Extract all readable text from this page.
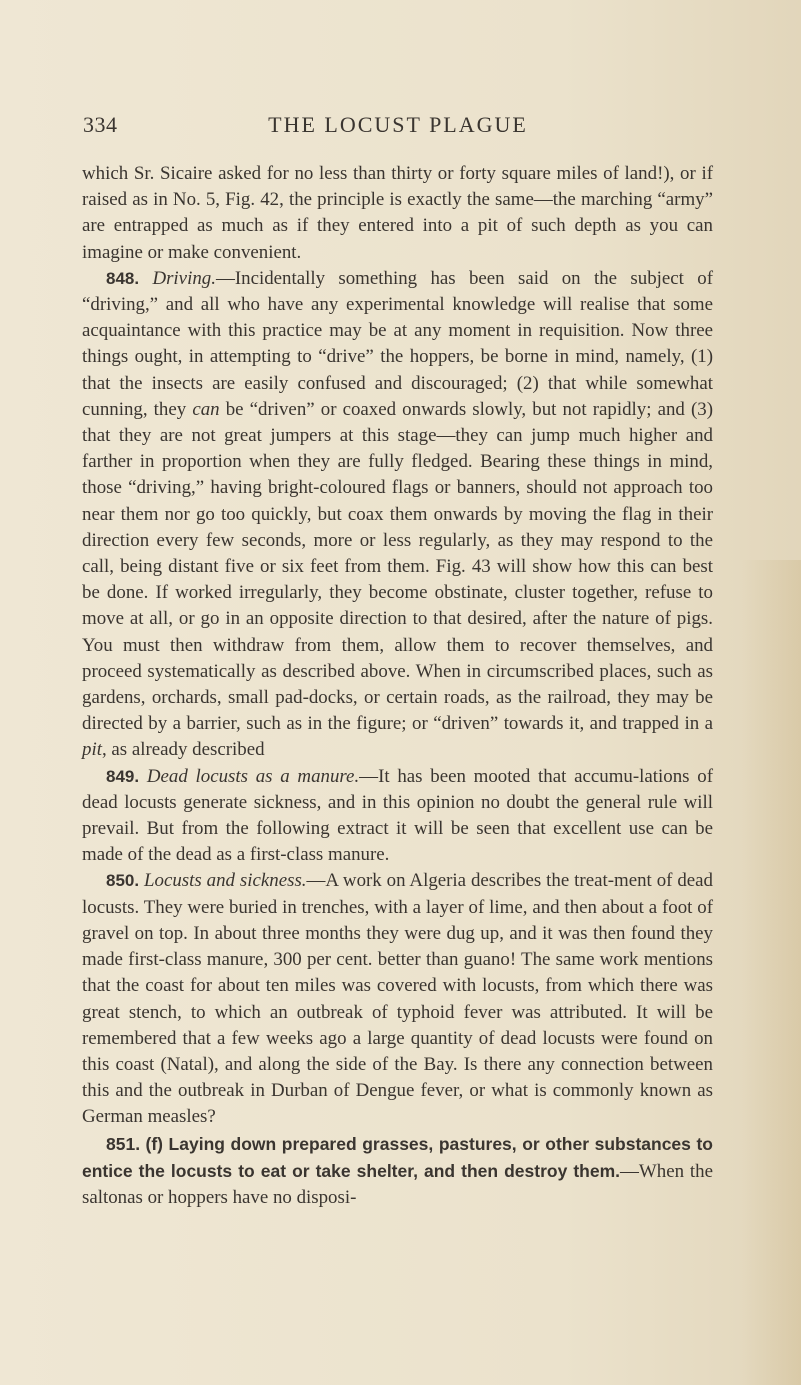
334	THE LOCUST PLAGUE

which Sr. Sicaire asked for no less than thirty or forty square miles of land!), or if raised as in No. 5, Fig. 42, the principle is exactly the same—the marching “army” are entrapped as much as if they entered into a pit of such depth as you can imagine or make convenient.

848. Driving.—Incidentally something has been said on the subject of “driving,” and all who have any experimental knowledge will realise that some acquaintance with this practice may be at any moment in requisition. Now three things ought, in attempting to “drive” the hoppers, be borne in mind, namely, (1) that the insects are easily confused and discouraged; (2) that while somewhat cunning, they can be “driven” or coaxed onwards slowly, but not rapidly; and (3) that they are not great jumpers at this stage—they can jump much higher and farther in proportion when they are fully fledged. Bearing these things in mind, those “driving,” having bright-coloured flags or banners, should not approach too near them nor go too quickly, but coax them onwards by moving the flag in their direction every few seconds, more or less regularly, as they may respond to the call, being distant five or six feet from them. Fig. 43 will show how this can best be done. If worked irregularly, they become obstinate, cluster together, refuse to move at all, or go in an opposite direction to that desired, after the nature of pigs. You must then withdraw from them, allow them to recover themselves, and proceed systematically as described above. When in circumscribed places, such as gardens, orchards, small pad-docks, or certain roads, as the railroad, they may be directed by a barrier, such as in the figure; or “driven” towards it, and trapped in a pit, as already described

849. Dead locusts as a manure.—It has been mooted that accumu-lations of dead locusts generate sickness, and in this opinion no doubt the general rule will prevail. But from the following extract it will be seen that excellent use can be made of the dead as a first-class manure.

850. Locusts and sickness.—A work on Algeria describes the treat-ment of dead locusts. They were buried in trenches, with a layer of lime, and then about a foot of gravel on top. In about three months they were dug up, and it was then found they made first-class manure, 300 per cent. better than guano! The same work mentions that the coast for about ten miles was covered with locusts, from which there was great stench, to which an outbreak of typhoid fever was attributed. It will be remembered that a few weeks ago a large quantity of dead locusts were found on this coast (Natal), and along the side of the Bay. Is there any connection between this and the outbreak in Durban of Dengue fever, or what is commonly known as German measles?

851. (f) Laying down prepared grasses, pastures, or other substances to entice the locusts to eat or take shelter, and then destroy them.—When the saltonas or hoppers have no disposi-
